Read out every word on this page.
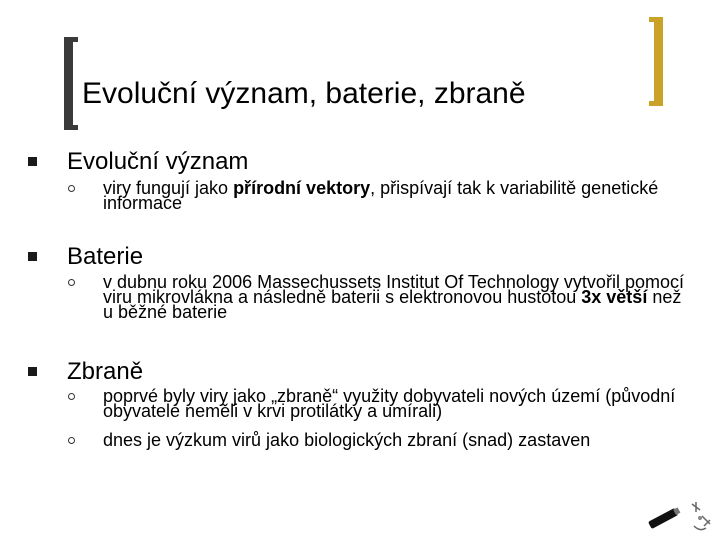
Evoluční význam, baterie, zbraně
Evoluční význam
viry fungují jako přírodní vektory, přispívají tak k variabilitě genetické informace
Baterie
v dubnu roku 2006 Massechussets Institut Of Technology vytvořil pomocí viru mikrovlákna a následně baterii s elektronovou hustotou 3x větší než u běžné baterie
Zbraně
poprvé byly viry jako „zbraně“ využity dobyvateli nových území (původní obyvatelé neměli v krvi protilátky a umírali)
dnes je výzkum virů jako biologických zbraní (snad) zastaven
